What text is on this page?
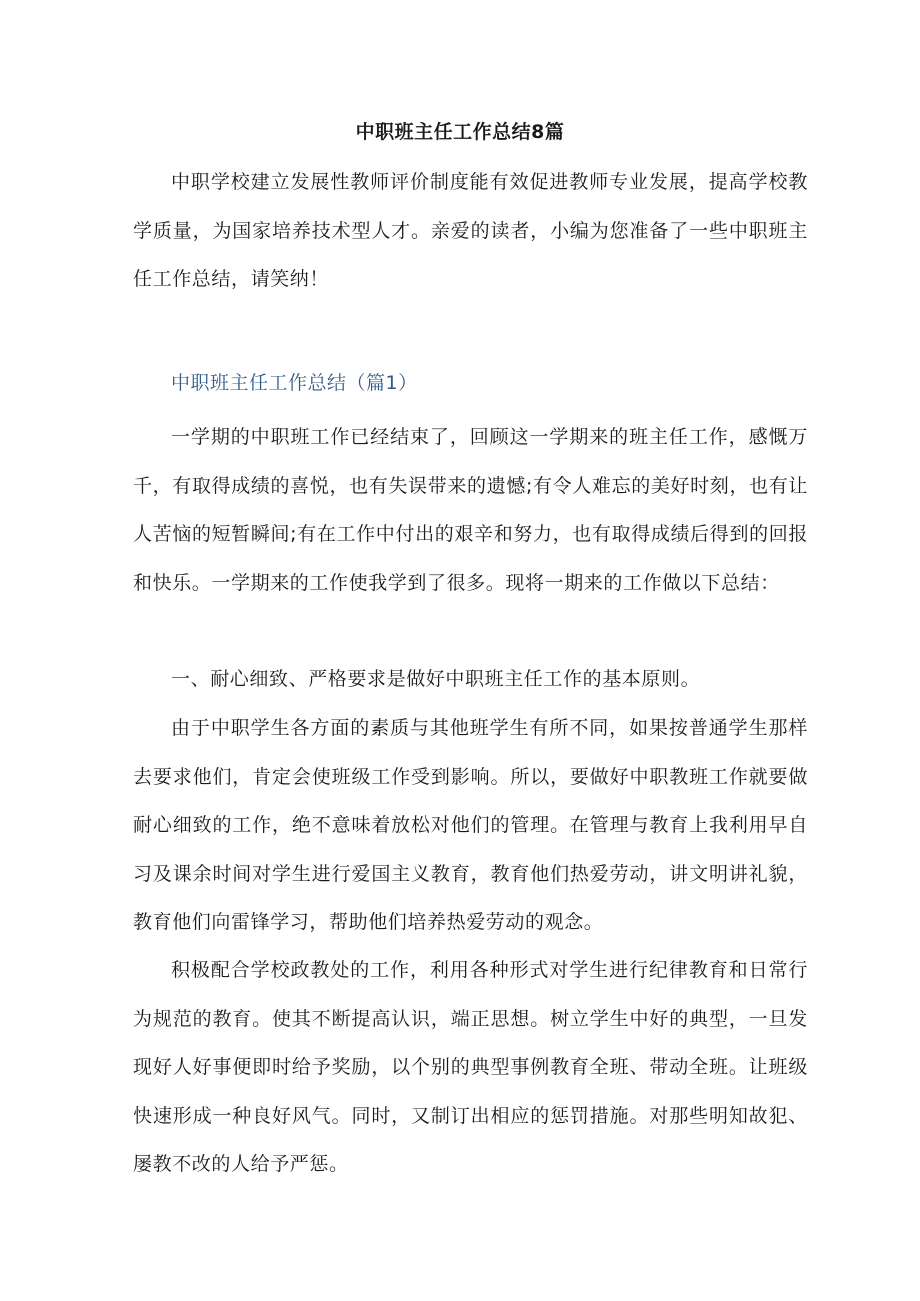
中职班主任工作总结8篇

中职学校建立发展性教师评价制度能有效促进教师专业发展，提高学校教学质量，为国家培养技术型人才。亲爱的读者，小编为您准备了一些中职班主任工作总结，请笑纳！

中职班主任工作总结（篇1）

一学期的中职班工作已经结束了，回顾这一学期来的班主任工作，感慨万千，有取得成绩的喜悦，也有失误带来的遗憾;有令人难忘的美好时刻，也有让人苦恼的短暂瞬间;有在工作中付出的艰辛和努力，也有取得成绩后得到的回报和快乐。一学期来的工作使我学到了很多。现将一期来的工作做以下总结：

一、耐心细致、严格要求是做好中职班主任工作的基本原则。

由于中职学生各方面的素质与其他班学生有所不同，如果按普通学生那样去要求他们，肯定会使班级工作受到影响。所以，要做好中职教班工作就要做耐心细致的工作，绝不意味着放松对他们的管理。在管理与教育上我利用早自习及课余时间对学生进行爱国主义教育，教育他们热爱劳动，讲文明讲礼貌，教育他们向雷锋学习，帮助他们培养热爱劳动的观念。

积极配合学校政教处的工作，利用各种形式对学生进行纪律教育和日常行为规范的教育。使其不断提高认识，端正思想。树立学生中好的典型，一旦发现好人好事便即时给予奖励，以个别的典型事例教育全班、带动全班。让班级快速形成一种良好风气。同时，又制订出相应的惩罚措施。对那些明知故犯、屡教不改的人给予严惩。
